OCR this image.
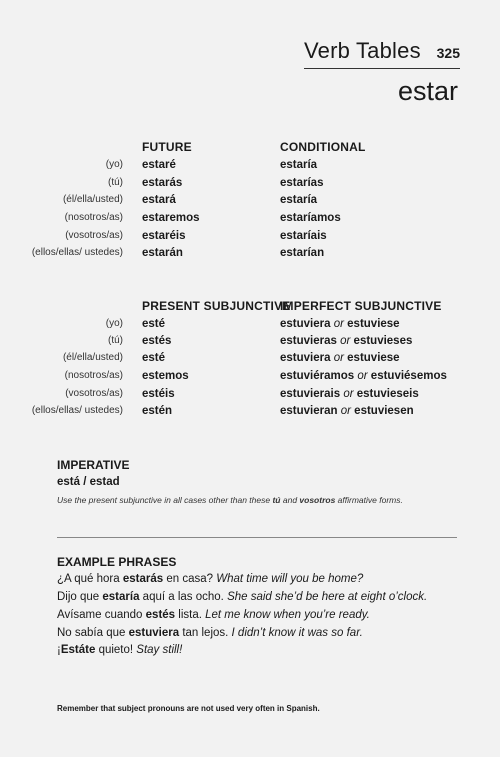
Verb Tables 325
estar
FUTURE	CONDITIONAL
(yo) estaré	estaría
(tú) estarás	estarías
(él/ella/usted) estará	estaría
(nosotros/as) estaremos	estaríamos
(vosotros/as) estaréis	estaríais
(ellos/ellas/ ustedes) estarán	estarían
PRESENT SUBJUNCTIVE
IMPERFECT SUBJUNCTIVE
(yo) esté	estuviera or estuviese
(tú) estés	estuvieras or estuvieses
(él/ella/usted) esté	estuviera or estuviese
(nosotros/as) estemos	estuviéramos or estuviésemos
(vosotros/as) estéis	estuvierais or estuvieseis
(ellos/ellas/ ustedes) estén	estuvieran or estuviesen
IMPERATIVE
está / estad
Use the present subjunctive in all cases other than these tú and vosotros affirmative forms.
EXAMPLE PHRASES
¿A qué hora estarás en casa? What time will you be home?
Dijo que estaría aquí a las ocho. She said she’d be here at eight o’clock.
Avísame cuando estés lista. Let me know when you’re ready.
No sabía que estuviera tan lejos. I didn’t know it was so far.
¡Estáte quieto! Stay still!
Remember that subject pronouns are not used very often in Spanish.
